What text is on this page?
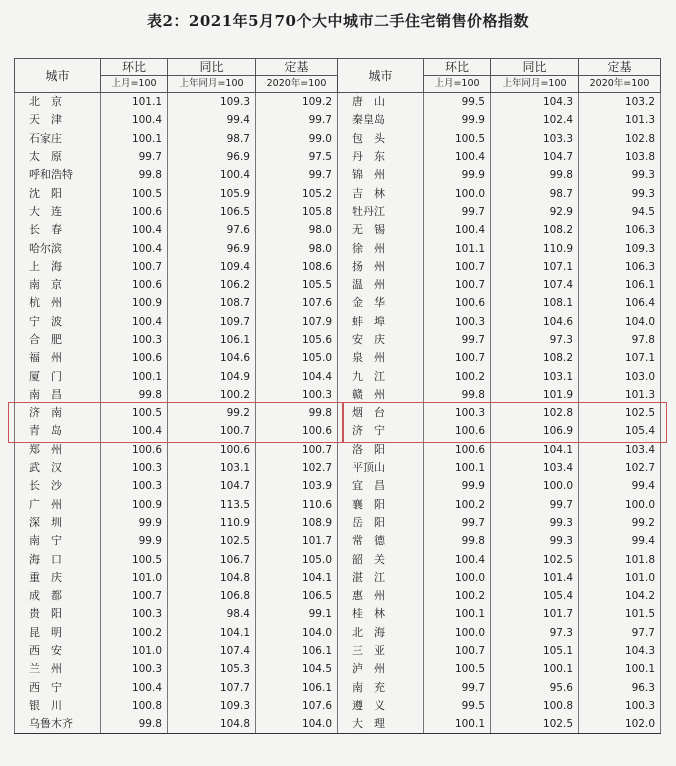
表2：2021年5月70个大中城市二手住宅销售价格指数
城市	环比	同比	定基	城市	环比	同比	定基
	上月=100	上年同月=100	2020年=100		上月=100	上年同月=100	2020年=100
北　京	101.1	109.3	109.2	唐　山	99.5	104.3	103.2
天　津	100.4	99.4	99.7	秦皇岛	99.9	102.4	101.3
石家庄	100.1	98.7	99.0	包　头	100.5	103.3	102.8
太　原	99.7	96.9	97.5	丹　东	100.4	104.7	103.8
呼和浩特	99.8	100.4	99.7	锦　州	99.9	99.8	99.3
沈　阳	100.5	105.9	105.2	吉　林	100.0	98.7	99.3
大　连	100.6	106.5	105.8	牡丹江	99.7	92.9	94.5
长　春	100.4	97.6	98.0	无　锡	100.4	108.2	106.3
哈尔滨	100.4	96.9	98.0	徐　州	101.1	110.9	109.3
上　海	100.7	109.4	108.6	扬　州	100.7	107.1	106.3
南　京	100.6	106.2	105.5	温　州	100.7	107.4	106.1
杭　州	100.9	108.7	107.6	金　华	100.6	108.1	106.4
宁　波	100.4	109.7	107.9	蚌　埠	100.3	104.6	104.0
合　肥	100.3	106.1	105.6	安　庆	99.7	97.3	97.8
福　州	100.6	104.6	105.0	泉　州	100.7	108.2	107.1
厦　门	100.1	104.9	104.4	九　江	100.2	103.1	103.0
南　昌	99.8	100.2	100.3	赣　州	99.8	101.9	101.3
济　南	100.5	99.2	99.8	烟　台	100.3	102.8	102.5
青　岛	100.4	100.7	100.6	济　宁	100.6	106.9	105.4
郑　州	100.6	100.6	100.7	洛　阳	100.6	104.1	103.4
武　汉	100.3	103.1	102.7	平顶山	100.1	103.4	102.7
长　沙	100.3	104.7	103.9	宜　昌	99.9	100.0	99.4
广　州	100.9	113.5	110.6	襄　阳	100.2	99.7	100.0
深　圳	99.9	110.9	108.9	岳　阳	99.7	99.3	99.2
南　宁	99.9	102.5	101.7	常　德	99.8	99.3	99.4
海　口	100.5	106.7	105.0	韶　关	100.4	102.5	101.8
重　庆	101.0	104.8	104.1	湛　江	100.0	101.4	101.0
成　都	100.7	106.8	106.5	惠　州	100.2	105.4	104.2
贵　阳	100.3	98.4	99.1	桂　林	100.1	101.7	101.5
昆　明	100.2	104.1	104.0	北　海	100.0	97.3	97.7
西　安	101.0	107.4	106.1	三　亚	100.7	105.1	104.3
兰　州	100.3	105.3	104.5	泸　州	100.5	100.1	100.1
西　宁	100.4	107.7	106.1	南　充	99.7	95.6	96.3
银　川	100.8	109.3	107.6	遵　义	99.5	100.8	100.3
乌鲁木齐	99.8	104.8	104.0	大　理	100.1	102.5	102.0
